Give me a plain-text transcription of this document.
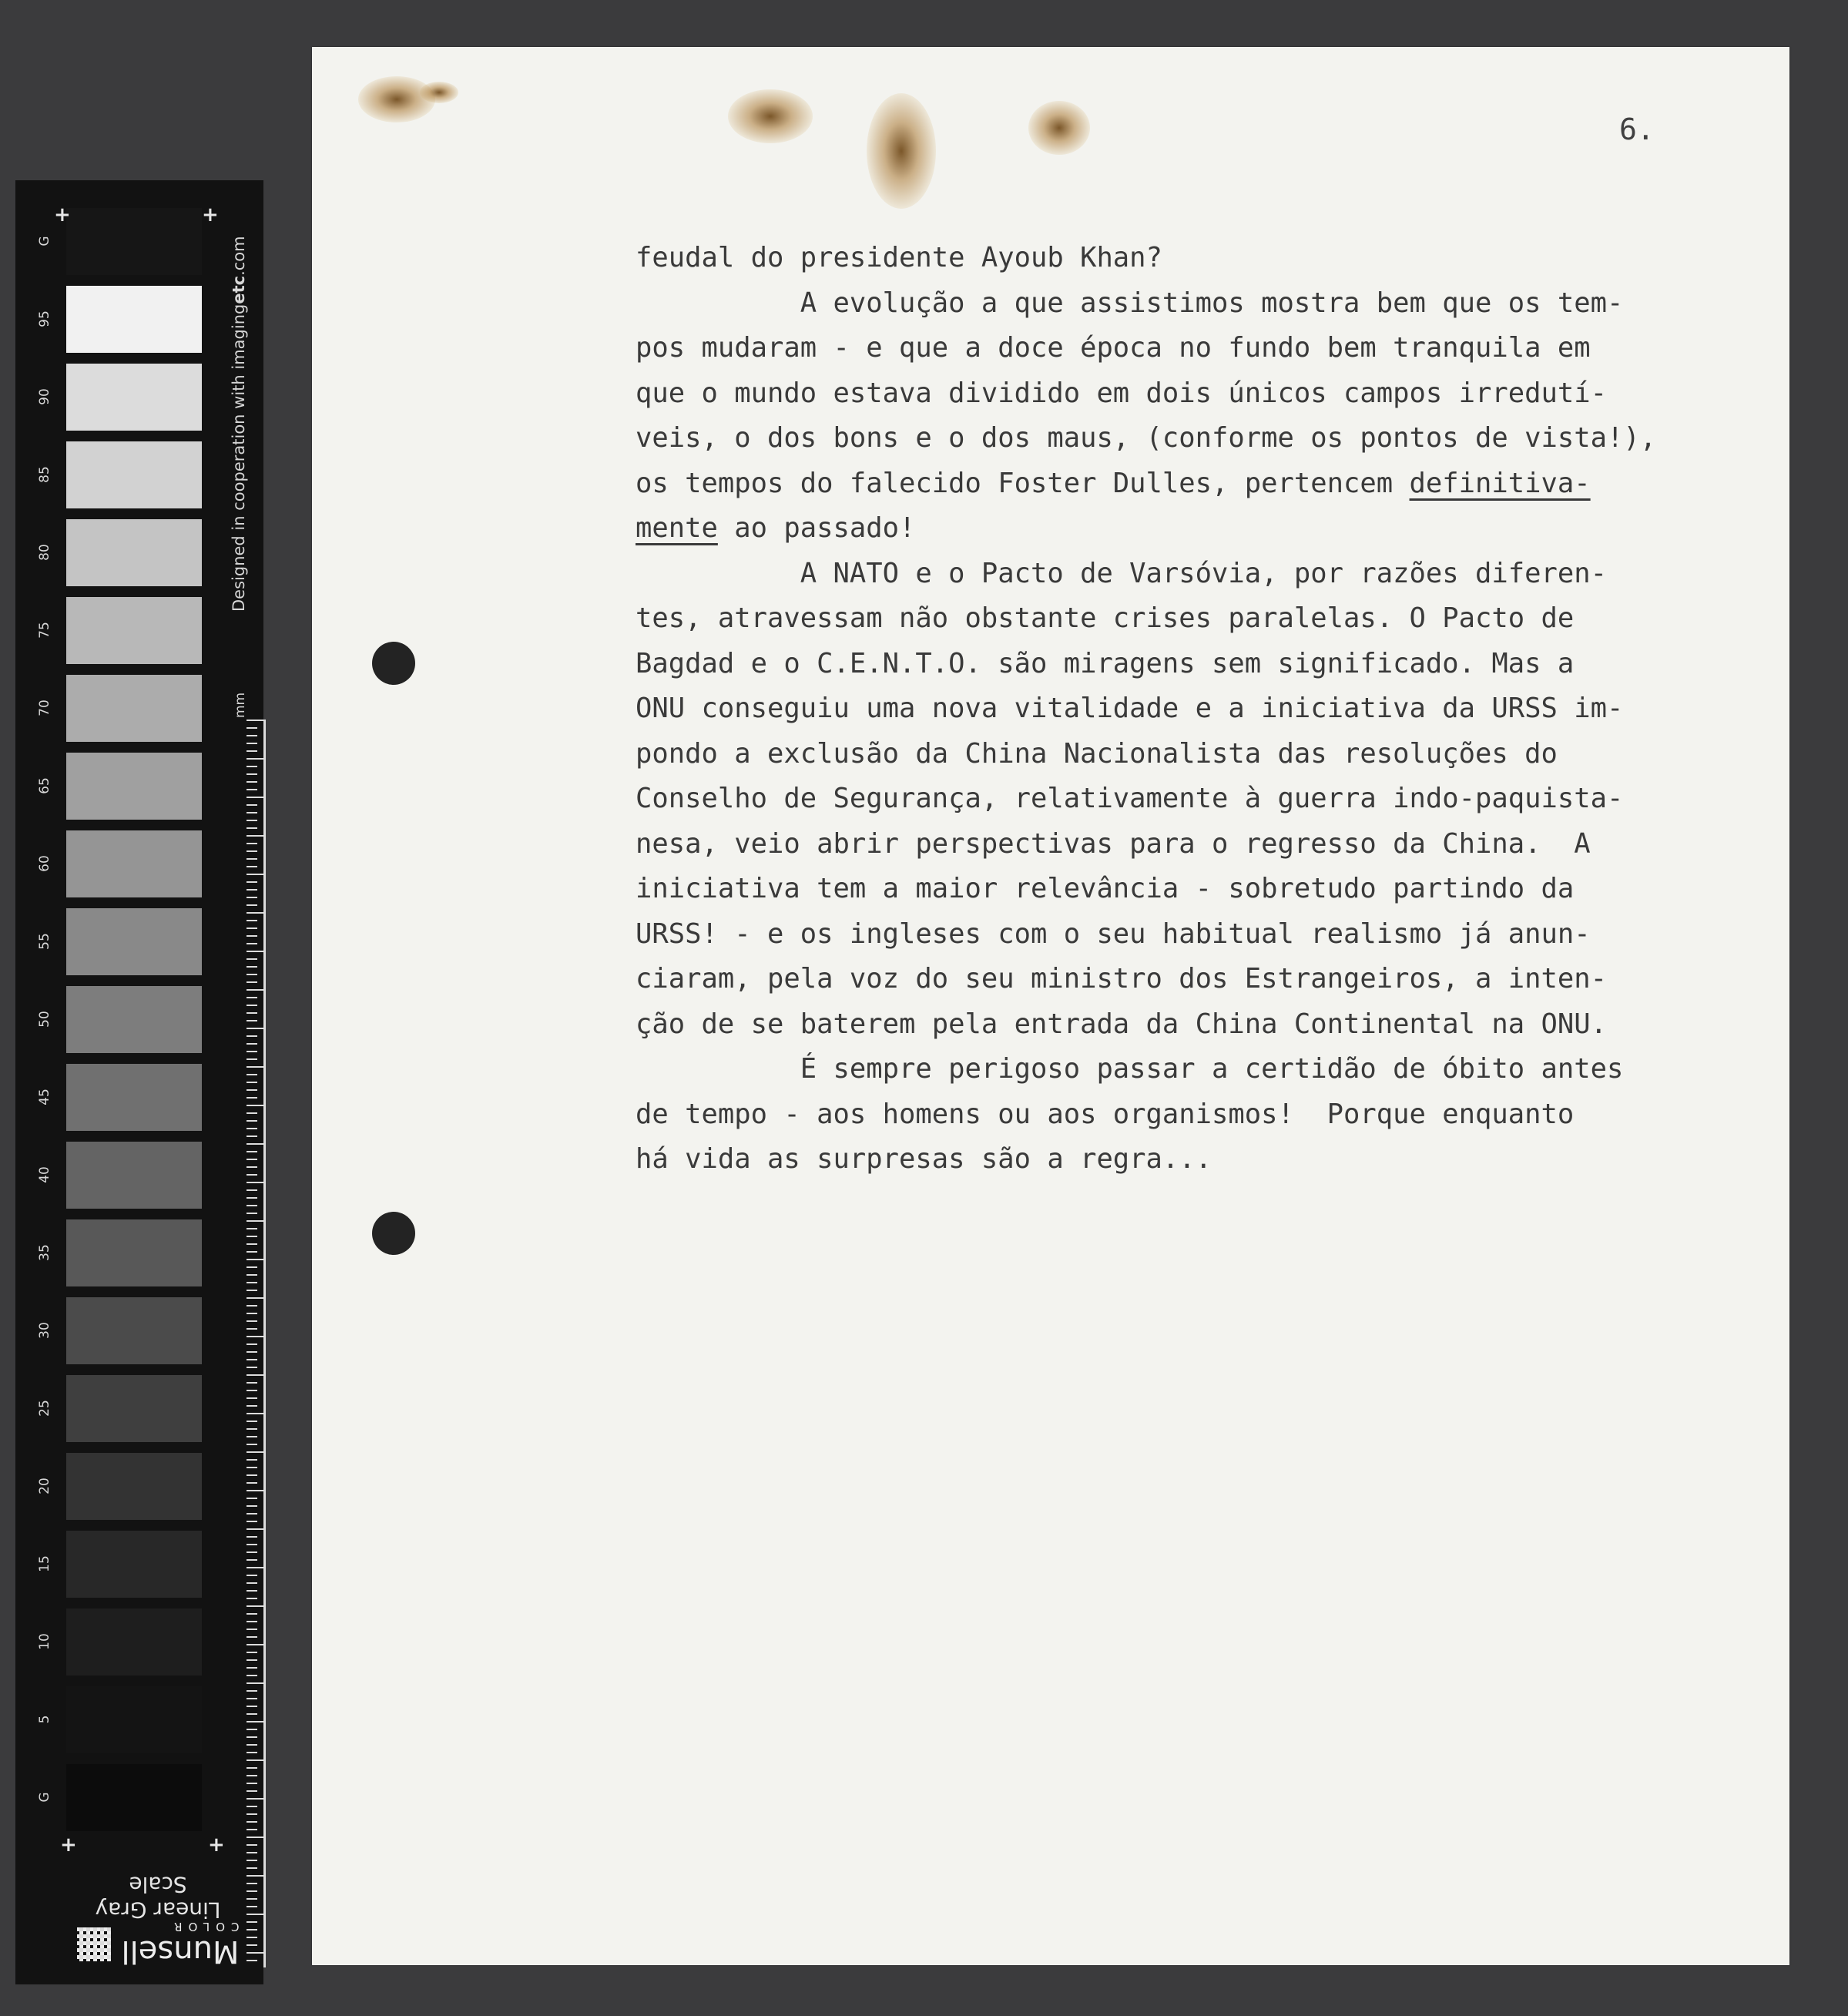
G
95
90
85
80
75
70
65
60
55
50
45
40
35
30
25
20
15
10
5
G
+	+
+	+
Designed in cooperation with imagingetc.com
mm
Linear Gray Scale
Munsell
COLOR
6.
feudal do presidente Ayoub Khan?
A evolução a que assistimos mostra bem que os tem-
pos mudaram - e que a doce época no fundo bem tranquila em
que o mundo estava dividido em dois únicos campos irredutí-
veis, o dos bons e o dos maus, (conforme os pontos de vista!),
os tempos do falecido Foster Dulles, pertencem definitiva-
mente ao passado!
A NATO e o Pacto de Varsóvia, por razões diferen-
tes, atravessam não obstante crises paralelas. O Pacto de
Bagdad e o C.E.N.T.O. são miragens sem significado. Mas a
ONU conseguiu uma nova vitalidade e a iniciativa da URSS im-
pondo a exclusão da China Nacionalista das resoluções do
Conselho de Segurança, relativamente à guerra indo-paquista-
nesa, veio abrir perspectivas para o regresso da China.  A
iniciativa tem a maior relevância - sobretudo partindo da
URSS! - e os ingleses com o seu habitual realismo já anun-
ciaram, pela voz do seu ministro dos Estrangeiros, a inten-
ção de se baterem pela entrada da China Continental na ONU.
É sempre perigoso passar a certidão de óbito antes
de tempo - aos homens ou aos organismos!  Porque enquanto
há vida as surpresas são a regra...
